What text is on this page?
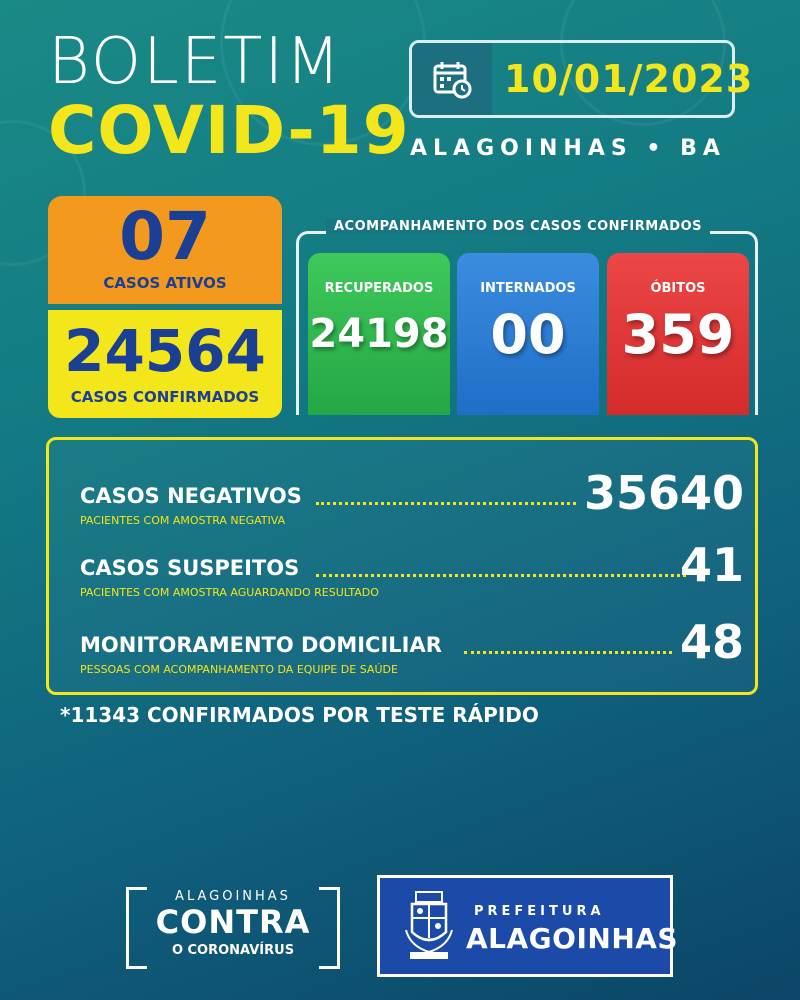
BOLETIM
COVID-19
10/01/2023
ALAGOINHAS • BA
07
CASOS ATIVOS
24564
CASOS CONFIRMADOS
ACOMPANHAMENTO DOS CASOS CONFIRMADOS
RECUPERADOS
24198
INTERNADOS
00
ÓBITOS
359
CASOS NEGATIVOS	35640
PACIENTES COM AMOSTRA NEGATIVA
CASOS SUSPEITOS	41
PACIENTES COM AMOSTRA AGUARDANDO RESULTADO
MONITORAMENTO DOMICILIAR	48
PESSOAS COM ACOMPANHAMENTO DA EQUIPE DE SAÚDE
*11343 CONFIRMADOS POR TESTE RÁPIDO
ALAGOINHAS
CONTRA
O CORONAVÍRUS
PREFEITURA
ALAGOINHAS
